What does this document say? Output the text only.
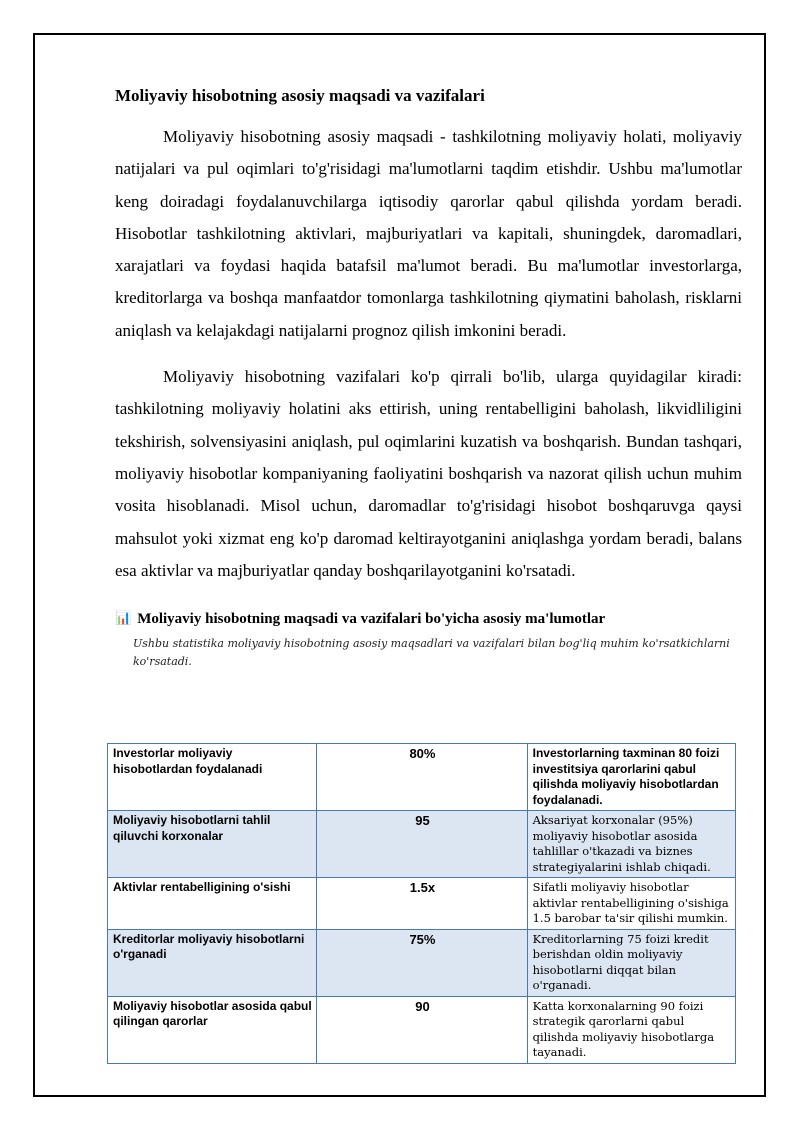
Moliyaviy hisobotning asosiy maqsadi va vazifalari

Moliyaviy hisobotning asosiy maqsadi - tashkilotning moliyaviy holati, moliyaviy natijalari va pul oqimlari to'g'risidagi ma'lumotlarni taqdim etishdir. Ushbu ma'lumotlar keng doiradagi foydalanuvchilarga iqtisodiy qarorlar qabul qilishda yordam beradi. Hisobotlar tashkilotning aktivlari, majburiyatlari va kapitali, shuningdek, daromadlari, xarajatlari va foydasi haqida batafsil ma'lumot beradi. Bu ma'lumotlar investorlarga, kreditorlarga va boshqa manfaatdor tomonlarga tashkilotning qiymatini baholash, risklarni aniqlash va kelajakdagi natijalarni prognoz qilish imkonini beradi.

Moliyaviy hisobotning vazifalari ko'p qirrali bo'lib, ularga quyidagilar kiradi: tashkilotning moliyaviy holatini aks ettirish, uning rentabelligini baholash, likvidliligini tekshirish, solvensiyasini aniqlash, pul oqimlarini kuzatish va boshqarish. Bundan tashqari, moliyaviy hisobotlar kompaniyaning faoliyatini boshqarish va nazorat qilish uchun muhim vosita hisoblanadi. Misol uchun, daromadlar to'g'risidagi hisobot boshqaruvga qaysi mahsulot yoki xizmat eng ko'p daromad keltirayotganini aniqlashga yordam beradi, balans esa aktivlar va majburiyatlar qanday boshqarilayotganini ko'rsatadi.

📊 Moliyaviy hisobotning maqsadi va vazifalari bo'yicha asosiy ma'lumotlar
Ushbu statistika moliyaviy hisobotning asosiy maqsadlari va vazifalari bilan bog'liq muhim ko'rsatkichlarni ko'rsatadi.
Investorlar moliyaviy hisobotlardan foydalanadi	80%	Investorlarning taxminan 80 foizi investitsiya qarorlarini qabul qilishda moliyaviy hisobotlardan foydalanadi.
Moliyaviy hisobotlarni tahlil qiluvchi korxonalar	95	Aksariyat korxonalar (95%) moliyaviy hisobotlar asosida tahlillar o'tkazadi va biznes strategiyalarini ishlab chiqadi.
Aktivlar rentabelligining o'sishi	1.5x	Sifatli moliyaviy hisobotlar aktivlar rentabelligining o'sishiga 1.5 barobar ta'sir qilishi mumkin.
Kreditorlar moliyaviy hisobotlarni o'rganadi	75%	Kreditorlarning 75 foizi kredit berishdan oldin moliyaviy hisobotlarni diqqat bilan o'rganadi.
Moliyaviy hisobotlar asosida qabul qilingan qarorlar	90	Katta korxonalarning 90 foizi strategik qarorlarni qabul qilishda moliyaviy hisobotlarga tayanadi.
